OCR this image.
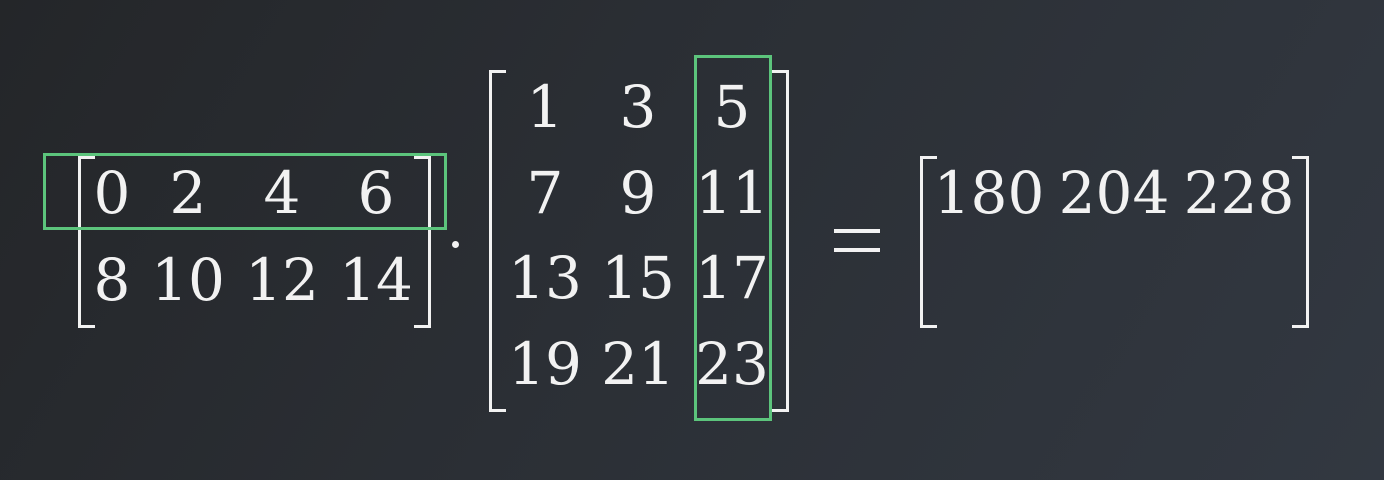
0 2 4 6
8 10 12 14
1 3 5
7 9 11
13 15 17
19 21 23
180 204 228
